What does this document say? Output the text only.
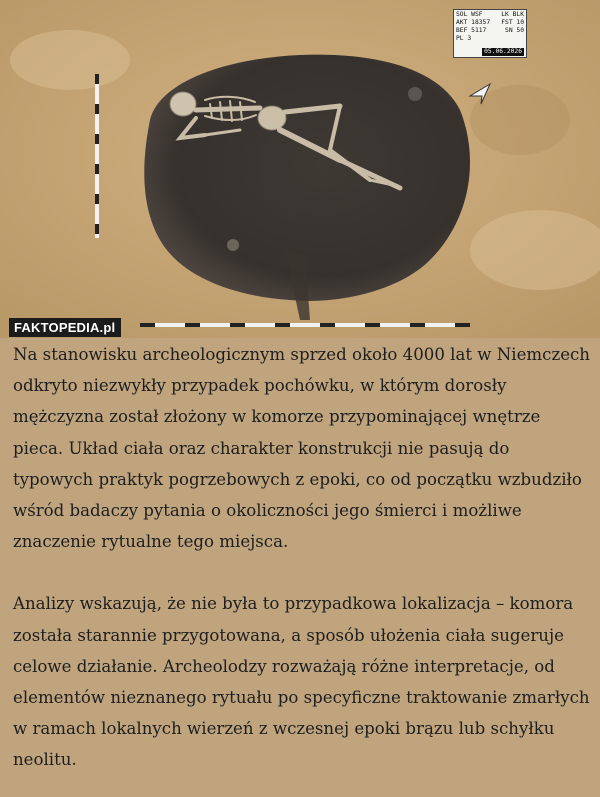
SOL WSF	LK BLK
AKT 18357 FST 10
BEF 5117	SN 50
PL 3
05.06.2026
FAKTOPEDIA.pl

Na stanowisku archeologicznym sprzed około 4000 lat w Niemczech odkryto niezwykły przypadek pochówku, w którym dorosły mężczyzna został złożony w komorze przypominającej wnętrze pieca. Układ ciała oraz charakter konstrukcji nie pasują do typowych praktyk pogrzebowych z epoki, co od początku wzbudziło wśród badaczy pytania o okoliczności jego śmierci i możliwe znaczenie rytualne tego miejsca.

Analizy wskazują, że nie była to przypadkowa lokalizacja – komora została starannie przygotowana, a sposób ułożenia ciała sugeruje celowe działanie. Archeolodzy rozważają różne interpretacje, od elementów nieznanego rytuału po specyficzne traktowanie zmarłych w ramach lokalnych wierzeń z wczesnej epoki brązu lub schyłku neolitu.
